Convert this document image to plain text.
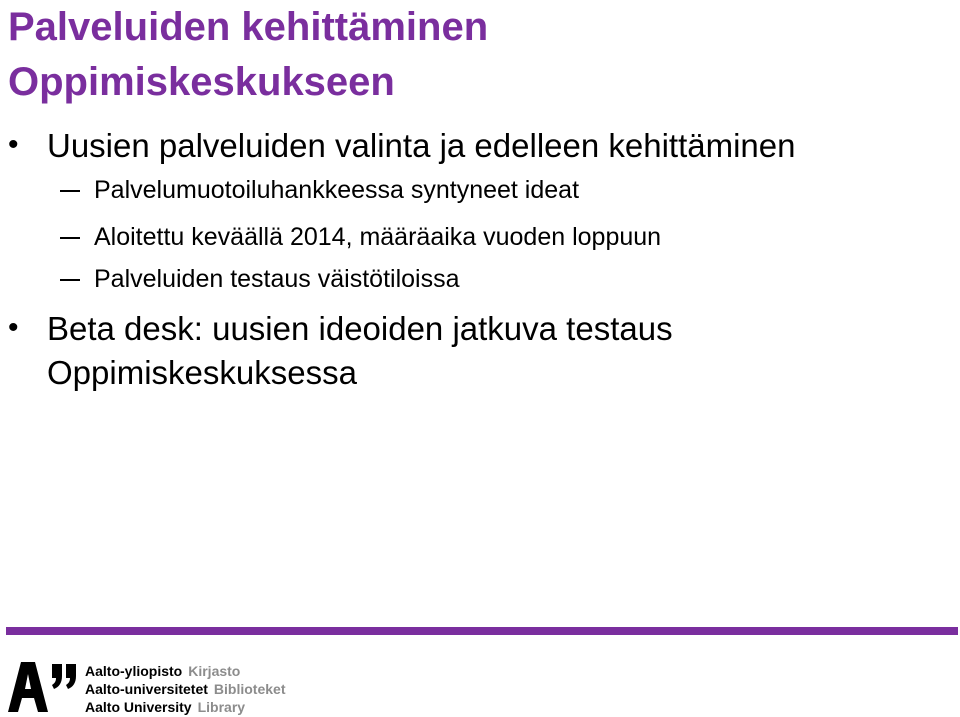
Palveluiden kehittäminen
Oppimiskeskukseen
• Uusien palveluiden valinta ja edelleen kehittäminen
Palvelumuotoiluhankkeessa syntyneet ideat
Aloitettu keväällä 2014, määräaika vuoden loppuun
Palveluiden testaus väistötiloissa
• Beta desk: uusien ideoiden jatkuva testaus
Oppimiskeskuksessa
Aalto-yliopisto Kirjasto
Aalto-universitetet Biblioteket
Aalto University Library
